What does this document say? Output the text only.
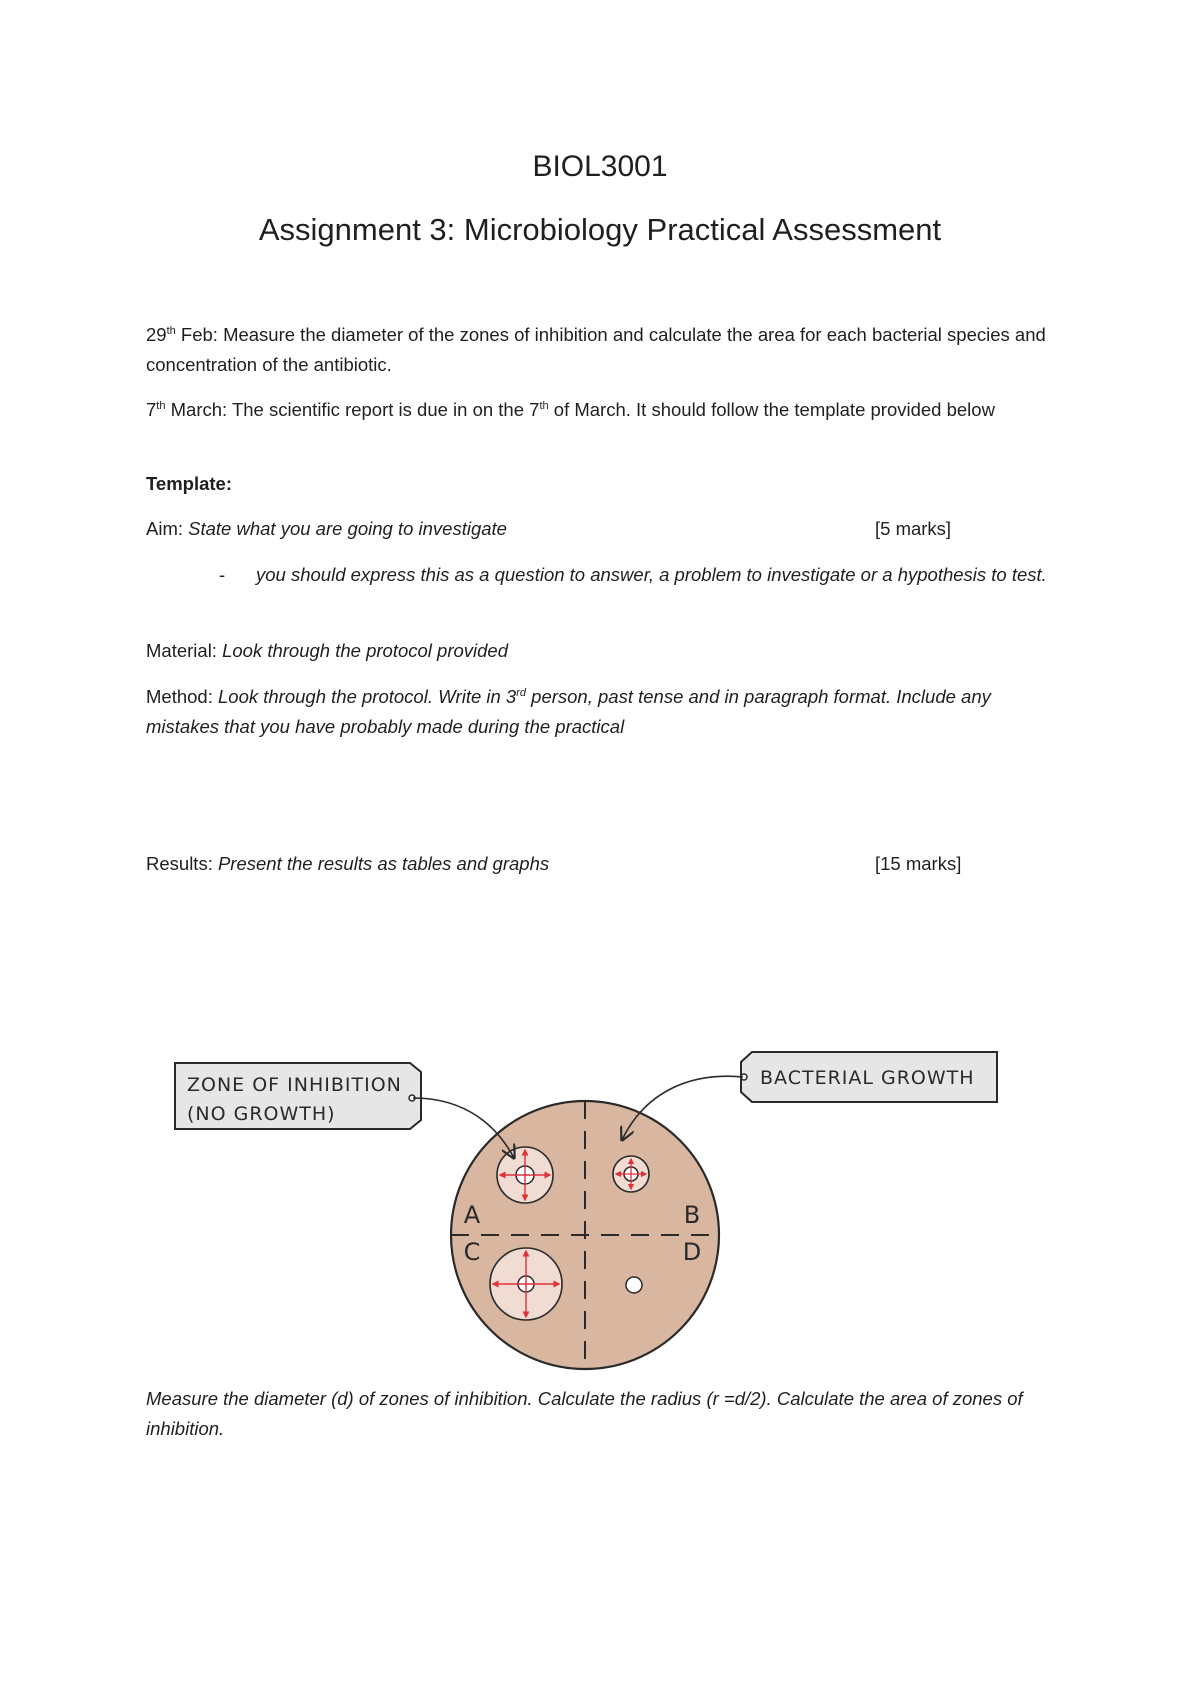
BIOL3001
Assignment 3: Microbiology Practical Assessment
29th Feb: Measure the diameter of the zones of inhibition and calculate the area for each bacterial species and concentration of the antibiotic.
7th March: The scientific report is due in on the 7th of March. It should follow the template provided below
Template:
Aim: State what you are going to investigate	[5 marks]
- you should express this as a question to answer, a problem to investigate or a hypothesis to test.
Material: Look through the protocol provided
Method: Look through the protocol. Write in 3rd person, past tense and in paragraph format. Include any mistakes that you have probably made during the practical
Results: Present the results as tables and graphs	[15 marks]
A	B
C	D
ZONE OF INHIBITION
(NO GROWTH)
BACTERIAL GROWTH
Measure the diameter (d) of zones of inhibition. Calculate the radius (r =d/2). Calculate the area of zones of inhibition.
